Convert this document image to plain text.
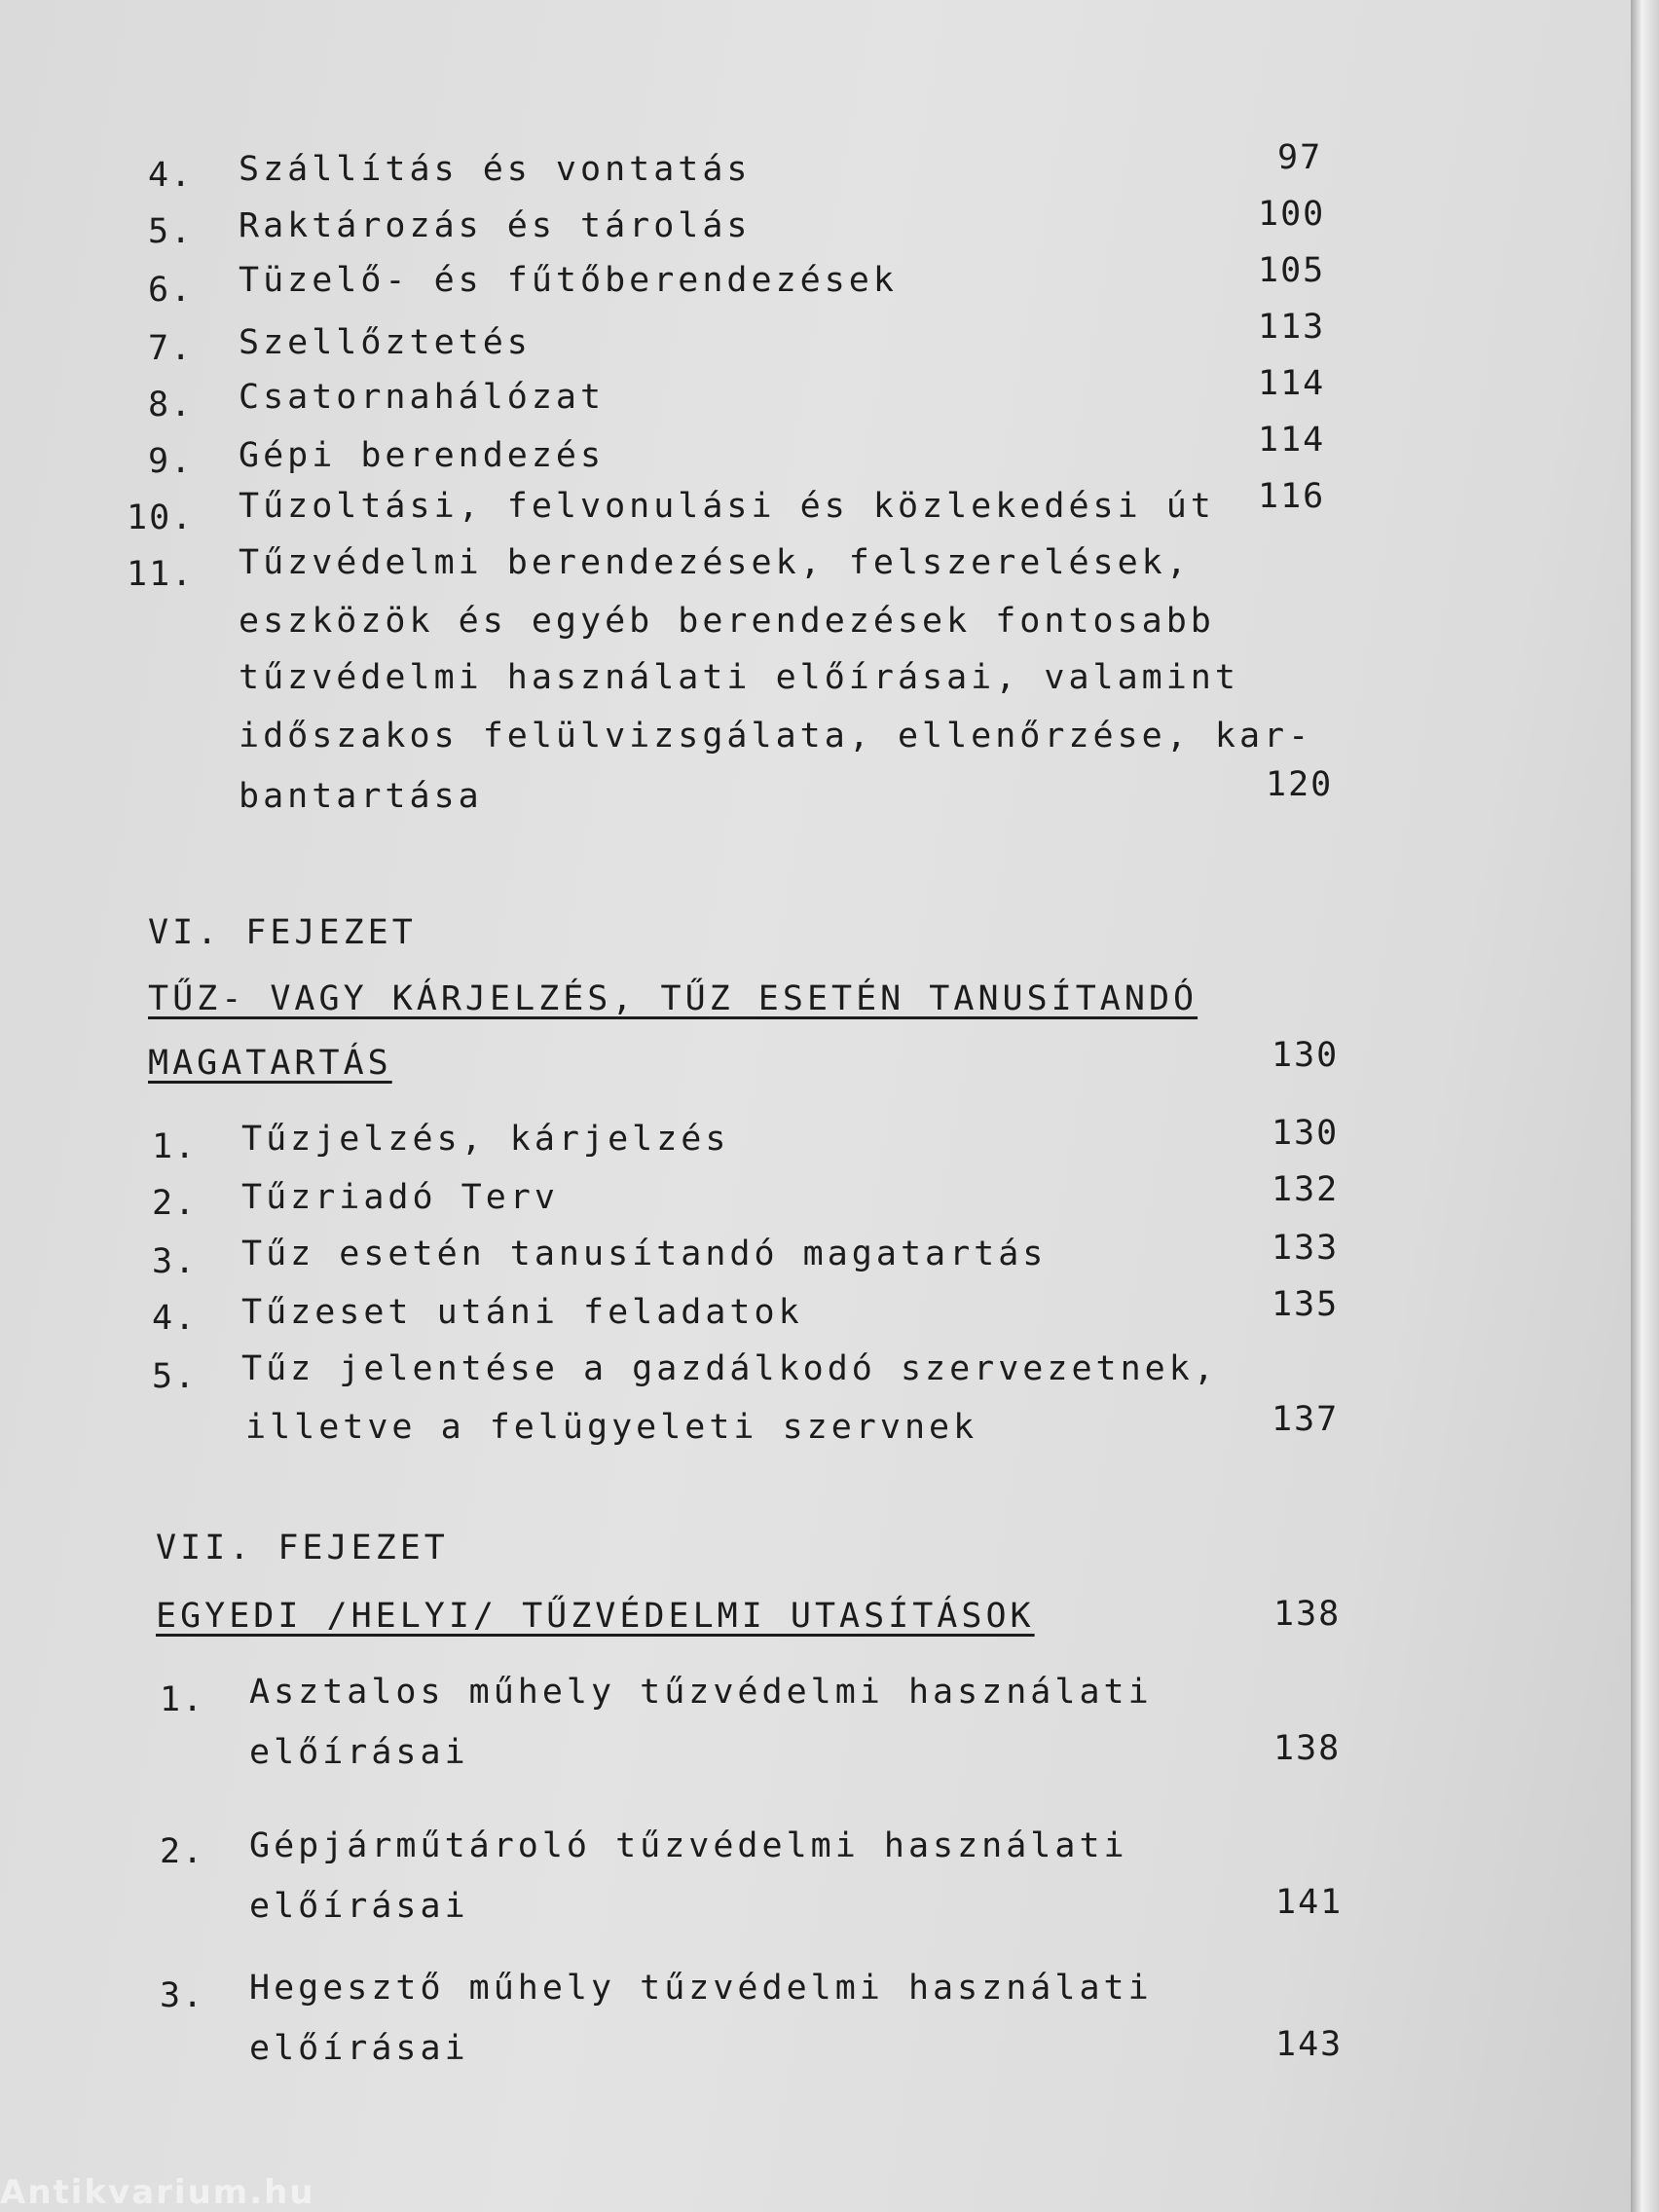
4. Szállítás és vontatás	97
5. Raktározás és tárolás	100
6. Tüzelő- és fűtőberendezések	105
7. Szellőztetés	113
8. Csatornahálózat	114
9. Gépi berendezés	114
10. Tűzoltási, felvonulási és közlekedési út 116
11. Tűzvédelmi berendezések, felszerelések,
eszközök és egyéb berendezések fontosabb
tűzvédelmi használati előírásai, valamint
időszakos felülvizsgálata, ellenőrzése, kar-
bantartása	120
VI. FEJEZET
TŰZ- VAGY KÁRJELZÉS, TŰZ ESETÉN TANUSÍTANDÓ
MAGATARTÁS	130
1. Tűzjelzés, kárjelzés	130
2. Tűzriadó Terv	132
3. Tűz esetén tanusítandó magatartás	133
4. Tűzeset utáni feladatok	135
5. Tűz jelentése a gazdálkodó szervezetnek,
illetve a felügyeleti szervnek	137
VII. FEJEZET
EGYEDI /HELYI/ TŰZVÉDELMI UTASÍTÁSOK	138
1. Asztalos műhely tűzvédelmi használati
előírásai	138
2. Gépjárműtároló tűzvédelmi használati
előírásai	141
3. Hegesztő műhely tűzvédelmi használati
előírásai	143
Antikvarium.hu
